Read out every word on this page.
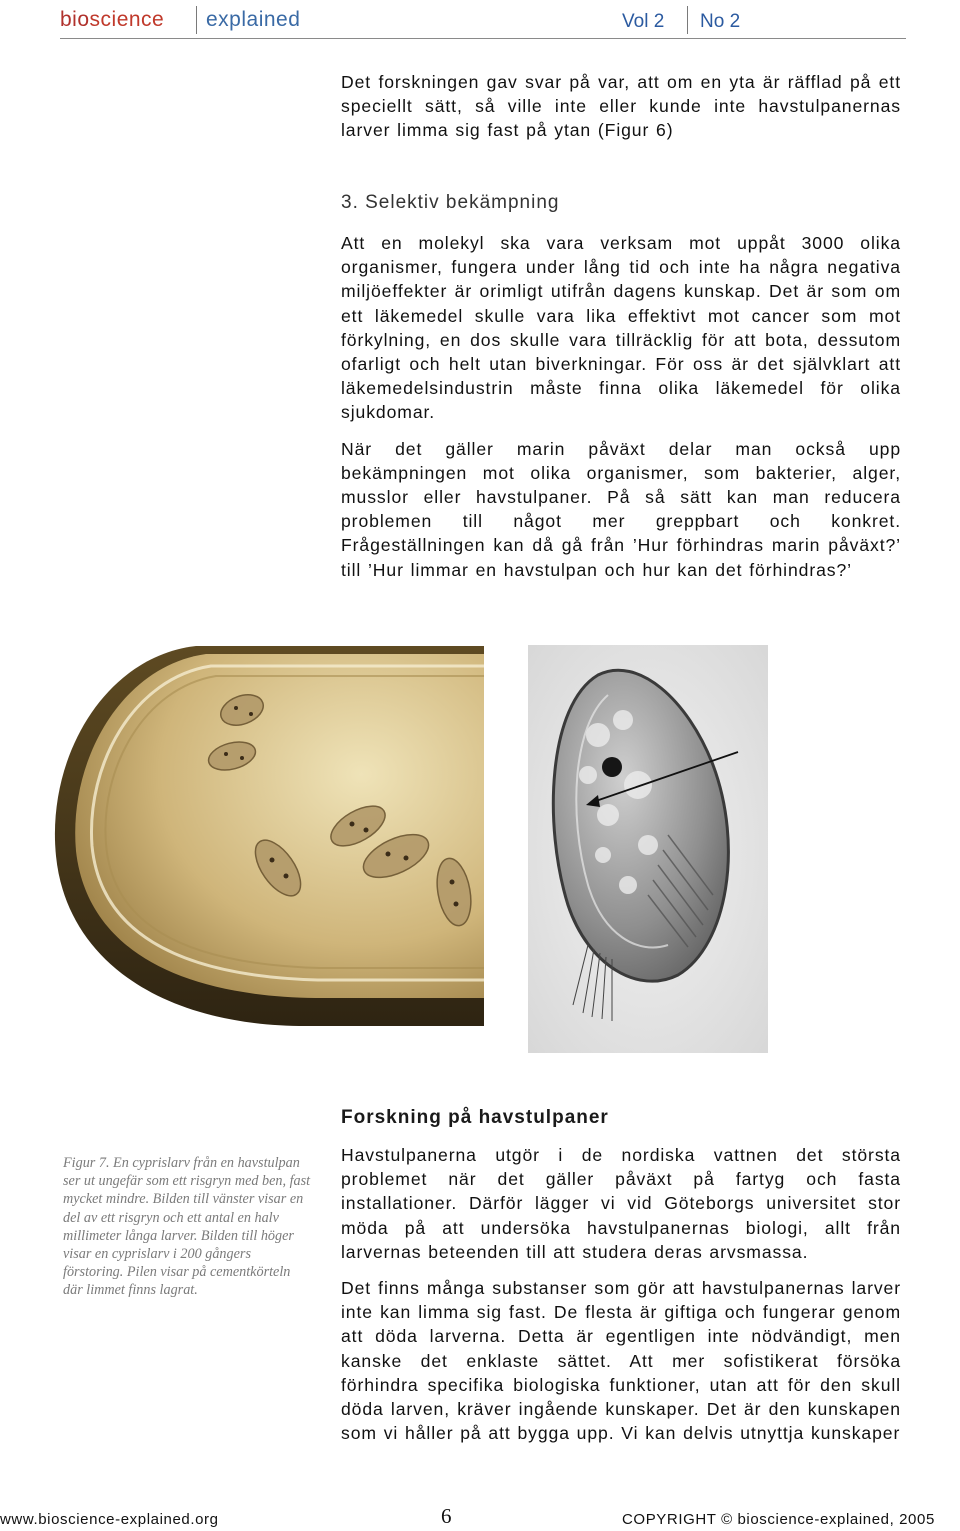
bioscience explained	Vol 2 No 2

Det forskningen gav svar på var, att om en yta är räfflad på ett speciellt sätt, så ville inte eller kunde inte havstulpanernas larver limma sig fast på ytan (Figur 6)

3. Selektiv bekämpning

Att en molekyl ska vara verksam mot uppåt 3000 olika organismer, fungera under lång tid och inte ha några negativa miljöeffekter är orimligt utifrån dagens kunskap. Det är som om ett läkemedel skulle vara lika effektivt mot cancer som mot förkylning, en dos skulle vara tillräcklig för att bota, dessutom ofarligt och helt utan biverkningar. För oss är det självklart att läkemedelsindustrin måste finna olika läkemedel för olika sjukdomar.

När det gäller marin påväxt delar man också upp bekämpningen mot olika organismer, som bakterier, alger, musslor eller havstulpaner. På så sätt kan man reducera problemen till något mer greppbart och konkret. Frågeställningen kan då gå från ’Hur förhindras marin påväxt?’ till ’Hur limmar en havstulpan och hur kan det förhindras?’

Figur 7. En cyprislarv från en havstulpan ser ut ungefär som ett risgryn med ben, fast mycket mindre. Bilden till vänster visar en del av ett risgryn och ett antal en halv millimeter långa larver. Bilden till höger visar en cyprislarv i 200 gångers förstoring. Pilen visar på cementkörteln där limmet finns lagrat.
Forskning på havstulpaner

Havstulpanerna utgör i de nordiska vattnen det största problemet när det gäller påväxt på fartyg och fasta installationer. Därför lägger vi vid Göteborgs universitet stor möda på att undersöka havstulpanernas biologi, allt från larvernas beteenden till att studera deras arvsmassa.

Det finns många substanser som gör att havstulpanernas larver inte kan limma sig fast. De flesta är giftiga och fungerar genom att döda larverna. Detta är egentligen inte nödvändigt, men kanske det enklaste sättet. Att mer sofistikerat försöka förhindra specifika biologiska funktioner, utan att för den skull döda larven, kräver ingående kunskaper. Det är den kunskapen som vi håller på att bygga upp. Vi kan delvis utnyttja kunskaper

www.bioscience-explained.org	6	COPYRIGHT © bioscience-explained, 2005
